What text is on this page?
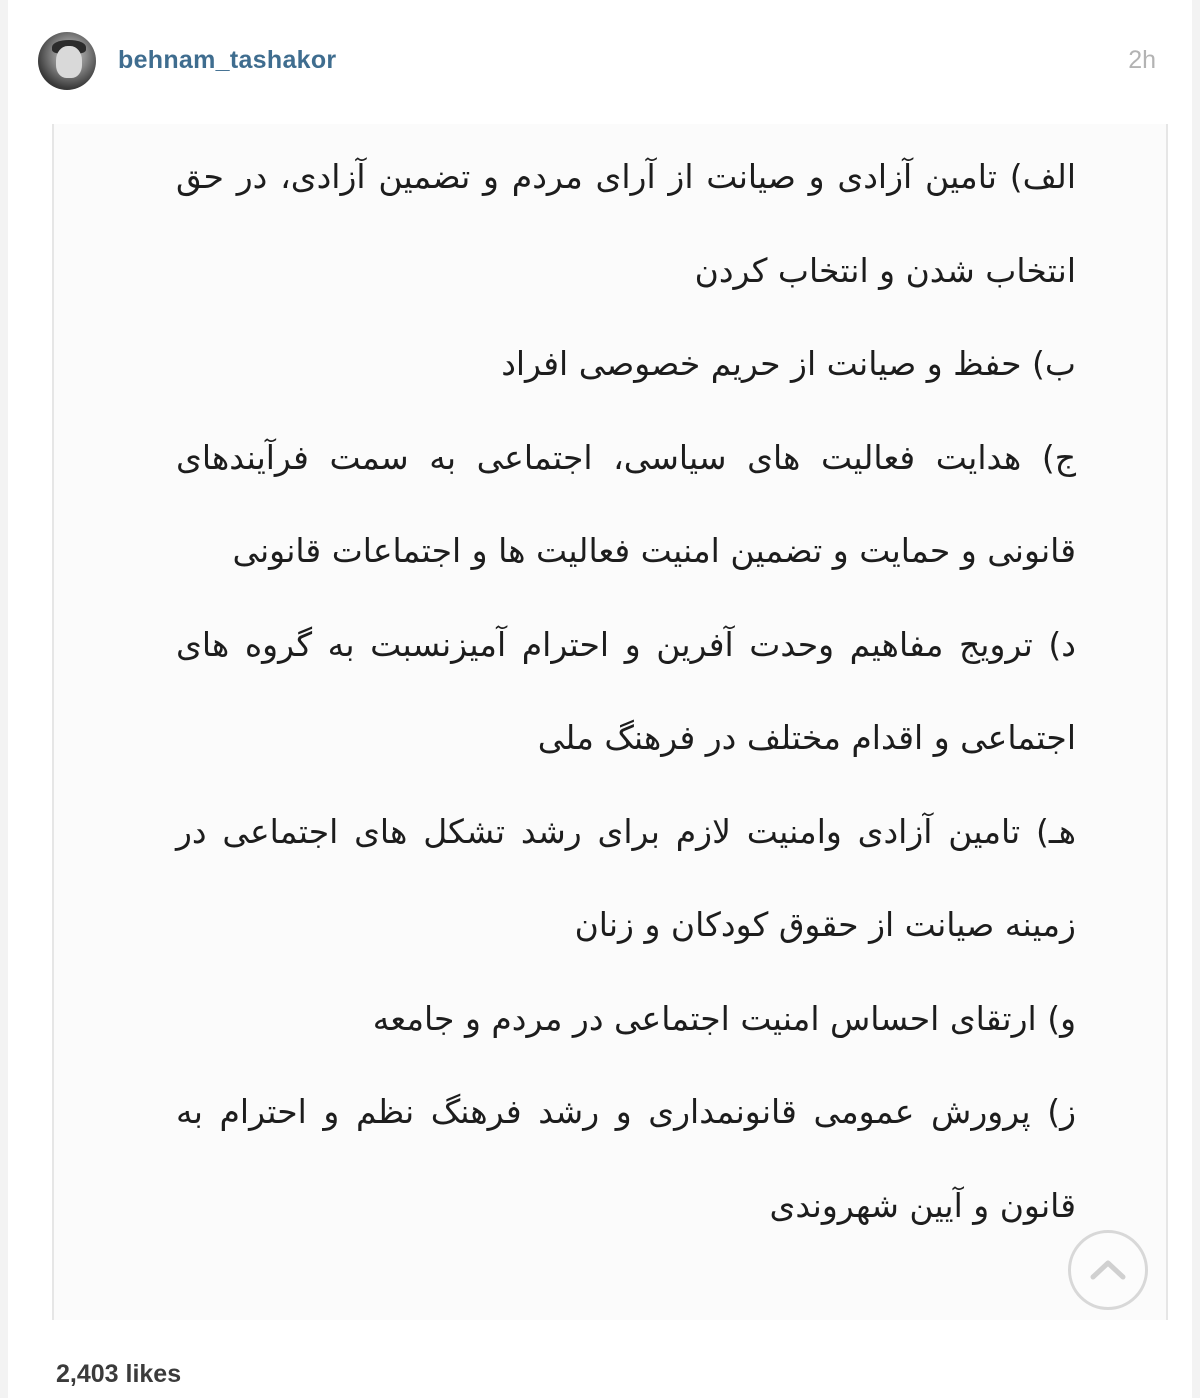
behnam_tashakor	2h

الف) تامین آزادی و صیانت از آرای مردم و تضمین آزادی، در حق انتخاب شدن و انتخاب کردن

ب) حفظ و صیانت از حریم خصوصی افراد

ج) هدایت فعالیت های سیاسی، اجتماعی به سمت فرآیندهای قانونی و حمایت و تضمین امنیت فعالیت ها و اجتماعات قانونی

د) ترویج مفاهیم وحدت آفرین و احترام آمیزنسبت به گروه های اجتماعی و اقدام مختلف در فرهنگ ملی

هـ) تامین آزادی وامنیت لازم برای رشد تشکل های اجتماعی در زمینه صیانت از حقوق کودکان و زنان

و) ارتقای احساس امنیت اجتماعی در مردم و جامعه

ز) پرورش عمومی قانونمداری و رشد فرهنگ نظم و احترام به قانون و آیین شهروندی

2,403 likes
